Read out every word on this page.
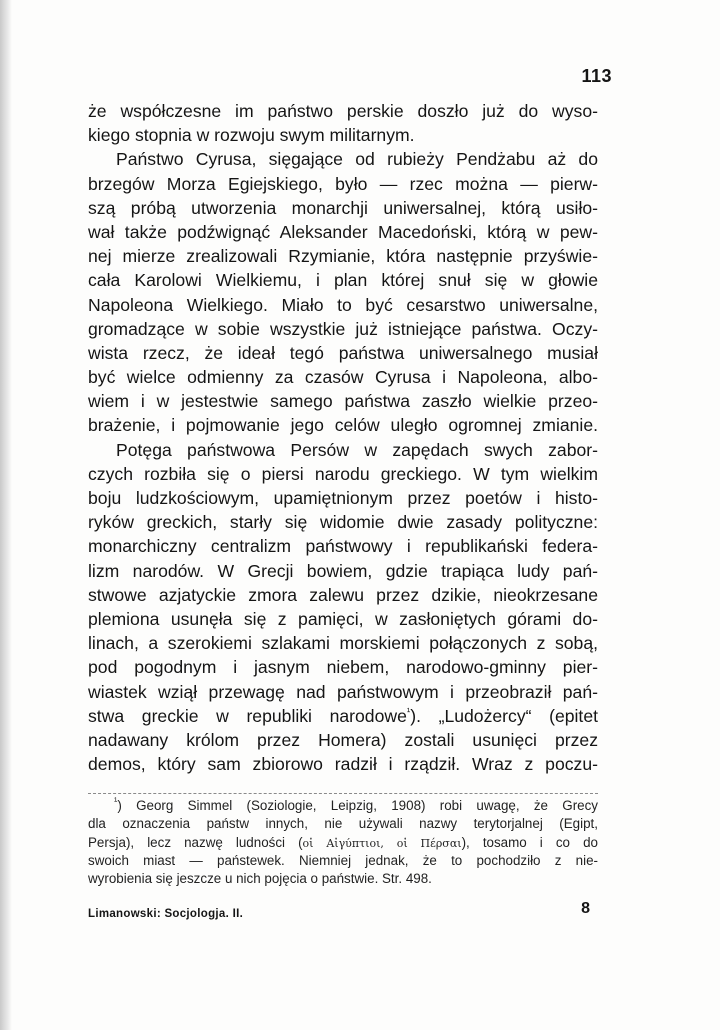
113
że współczesne im państwo perskie doszło już do wyso-
kiego stopnia w rozwoju swym militarnym.
Państwo Cyrusa, sięgające od rubieży Pendżabu aż do
brzegów Morza Egiejskiego, było — rzec można — pierw-
szą próbą utworzenia monarchji uniwersalnej, którą usiło-
wał także podźwignąć Aleksander Macedoński, którą w pew-
nej mierze zrealizowali Rzymianie, która następnie przyświe-
cała Karolowi Wielkiemu, i plan której snuł się w głowie
Napoleona Wielkiego. Miało to być cesarstwo uniwersalne,
gromadzące w sobie wszystkie już istniejące państwa. Oczy-
wista rzecz, że ideał tegó państwa uniwersalnego musiał
być wielce odmienny za czasów Cyrusa i Napoleona, albo-
wiem i w jestestwie samego państwa zaszło wielkie przeo-
brażenie, i pojmowanie jego celów uległo ogromnej zmianie.
Potęga państwowa Persów w zapędach swych zabor-
czych rozbiła się o piersi narodu greckiego. W tym wielkim
boju ludzkościowym, upamiętnionym przez poetów i histo-
ryków greckich, starły się widomie dwie zasady polityczne:
monarchiczny centralizm państwowy i republikański federa-
lizm narodów. W Grecji bowiem, gdzie trapiąca ludy pań-
stwowe azjatyckie zmora zalewu przez dzikie, nieokrzesane
plemiona usunęła się z pamięci, w zasłoniętych górami do-
linach, a szerokiemi szlakami morskiemi połączonych z sobą,
pod pogodnym i jasnym niebem, narodowo-gminny pier-
wiastek wziął przewagę nad państwowym i przeobraził pań-
stwa greckie w republiki narodowe$^{^1}$). „Ludożercy“ (epitet
nadawany królom przez Homera) zostali usunięci przez
demos, który sam zbiorowo radził i rządził. Wraz z poczu-
$^{^1}$) Georg Simmel (Soziologie, Leipzig, 1908) robi uwagę, że Grecy
dla oznaczenia państw innych, nie używali nazwy terytorjalnej (Egipt,
Persja), lecz nazwę ludności (οἱ Αἰγύπτιοι, οἱ Πέρσαι), tosamo i co do
swoich miast — państewek. Niemniej jednak, że to pochodziło z nie-
wyrobienia się jeszcze u nich pojęcia o państwie. Str. 498.
Limanowski: Socjologja. II.	8
